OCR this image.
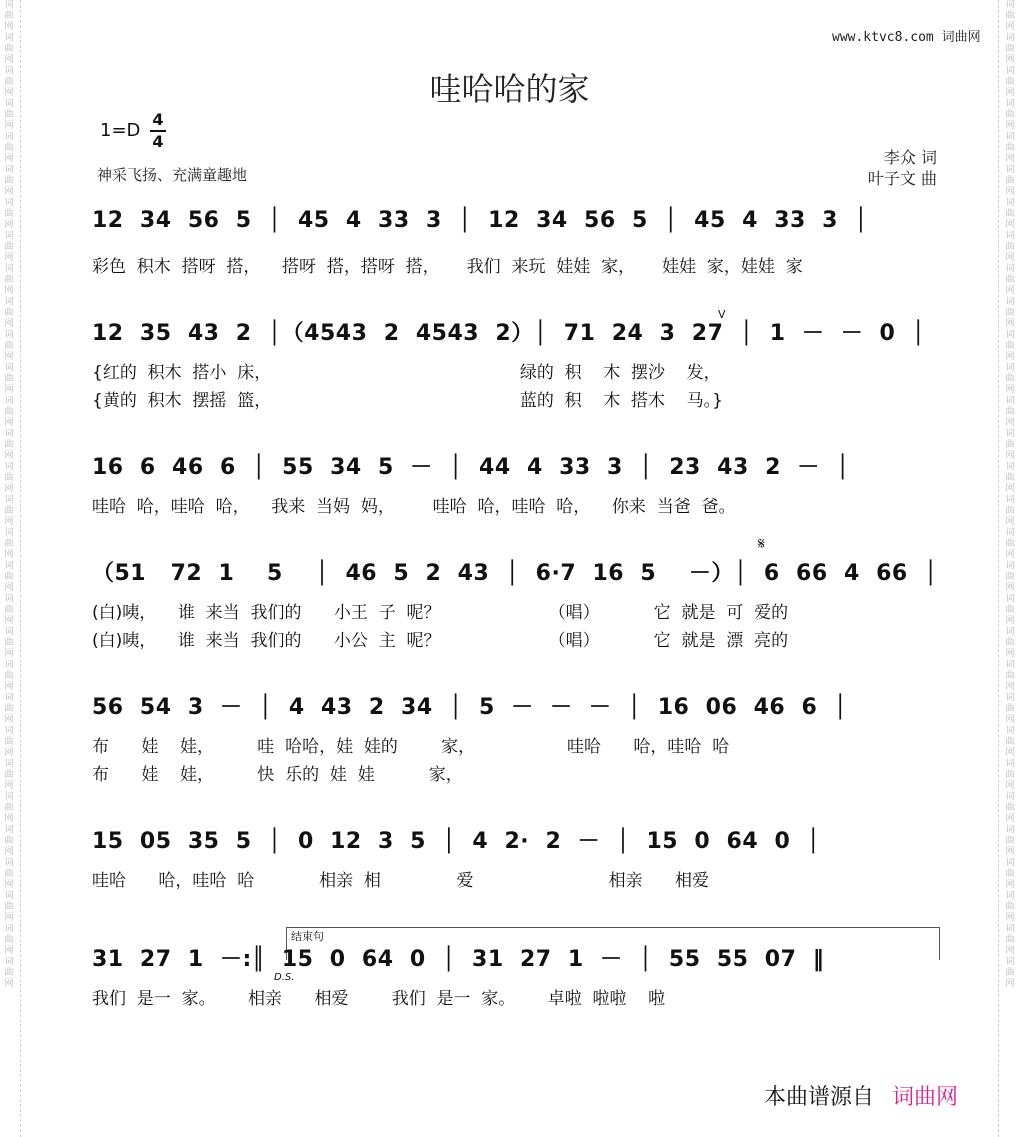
词曲网词曲网词曲网词曲网词曲网词曲网词曲网词曲网词曲网词曲网词曲网词曲网词曲网词曲网词曲网词曲网词曲网词曲网词曲网词曲网词曲网词曲网词曲网词曲网词曲网词曲网词曲网词曲网词曲网词曲网
词曲网词曲网词曲网词曲网词曲网词曲网词曲网词曲网词曲网词曲网词曲网词曲网词曲网词曲网词曲网词曲网词曲网词曲网词曲网词曲网词曲网词曲网词曲网词曲网词曲网词曲网词曲网词曲网词曲网词曲网
www.ktvc8.com 词曲网
哇哈哈的家
1=D
4
4
神采飞扬、充满童趣地
李众 词
叶子文 曲
12  34  56  5  │  45  4  33  3  │  12  34  56  5  │  45  4  33  3  │
彩色  积木  搭呀  搭，    搭呀  搭，搭呀  搭，     我们  来玩  娃娃  家，     娃娃  家，娃娃  家
12  35  43  2  │（4543  2  4543  2）│  71  24  3  27  │  1  －  －  0  │
V
{红的  积木  搭小  床，                                              绿的  积    木  摆沙    发，
{黄的  积木  摆摇  篮，                                              蓝的  积    木  搭木    马。}
16  6  46  6  │  55  34  5  －  │  44  4  33  3  │  23  43  2  －  │
哇哈  哈，哇哈  哈，    我来  当妈  妈，       哇哈  哈，哇哈  哈，    你来  当爸  爸。
𝄋
（51   72  1    5    │  46  5  2  43  │  6·7  16  5    －）│  6  66  4  66  │
(白)咦，    谁  来当  我们的      小王  子  呢？                    （唱）          它  就是  可  爱的
(白)咦，    谁  来当  我们的      小公  主  呢？                    （唱）          它  就是  漂  亮的
56  54  3  －  │  4  43  2  34  │  5  －  －  －  │  16  06  46  6  │
布      娃    娃，        哇  哈哈，娃  娃的        家，                 哇哈      哈，哇哈  哈
布      娃    娃，        快  乐的  娃  娃          家，
15  05  35  5  │  0  12  3  5  │  4  2·  2  －  │  15  0  64  0  │
哇哈      哈，哇哈  哈            相亲  相              爱                         相亲      相爱
结束句
31  27  1  －:║  15  0  64  0  │  31  27  1  －  │  55  55  07  ‖
D.S.
我们  是一  家。      相亲      相爱        我们  是一  家。      卓啦  啦啦    啦
本曲谱源自 词曲网
